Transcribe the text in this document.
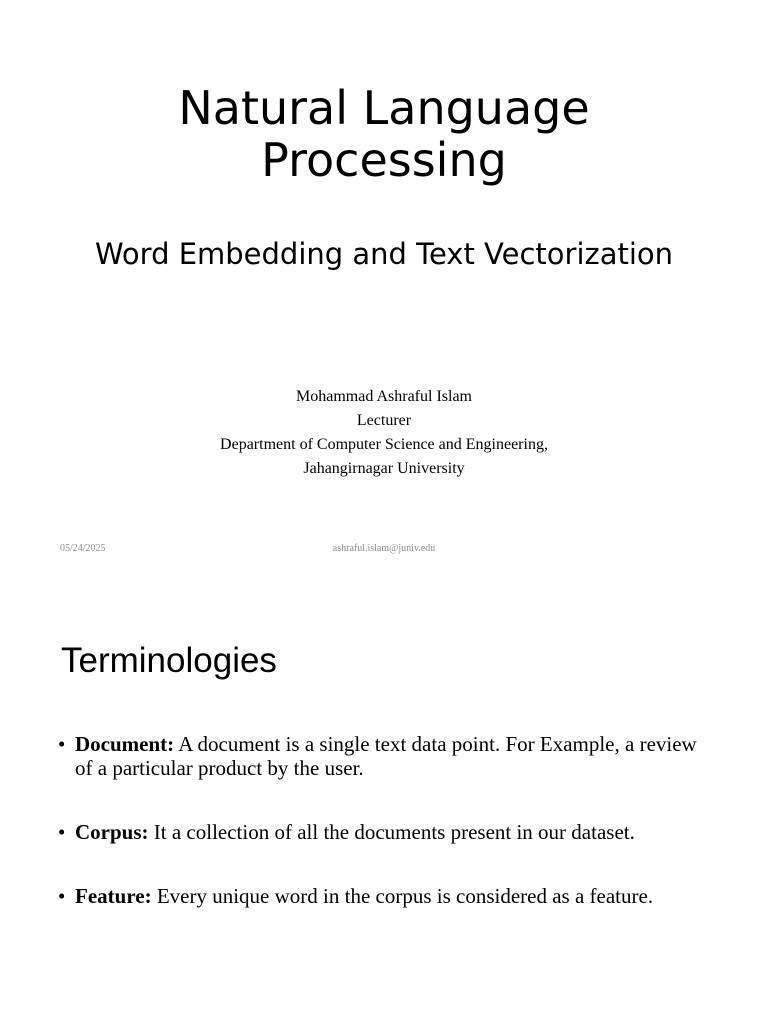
Natural Language
Processing
Word Embedding and Text Vectorization
Mohammad Ashraful Islam
Lecturer
Department of Computer Science and Engineering,
Jahangirnagar University
05/24/2025	ashraful.islam@juniv.edu
Terminologies
• Document: A document is a single text data point. For Example, a review of a particular product by the user.
• Corpus: It a collection of all the documents present in our dataset.
• Feature: Every unique word in the corpus is considered as a feature.
